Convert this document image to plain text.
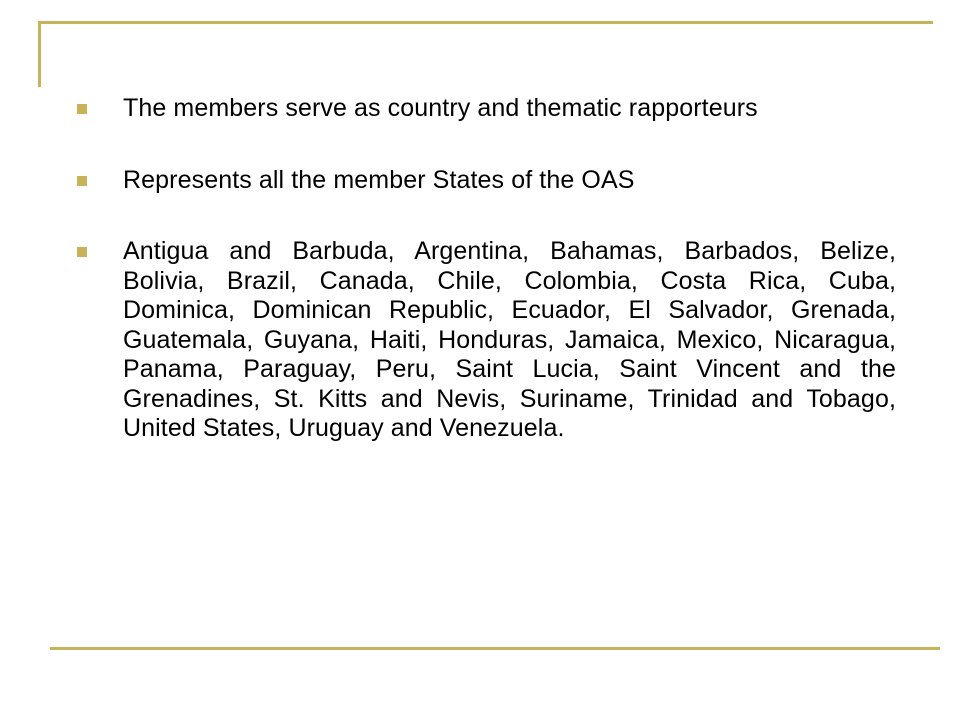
The members serve as country and thematic rapporteurs
Represents all the member States of the OAS
Antigua and Barbuda, Argentina, Bahamas, Barbados, Belize, Bolivia, Brazil, Canada, Chile, Colombia, Costa Rica, Cuba, Dominica, Dominican Republic, Ecuador, El Salvador, Grenada, Guatemala, Guyana, Haiti, Honduras, Jamaica, Mexico, Nicaragua, Panama, Paraguay, Peru, Saint Lucia, Saint Vincent and the Grenadines, St. Kitts and Nevis, Suriname, Trinidad and Tobago, United States, Uruguay and Venezuela.
